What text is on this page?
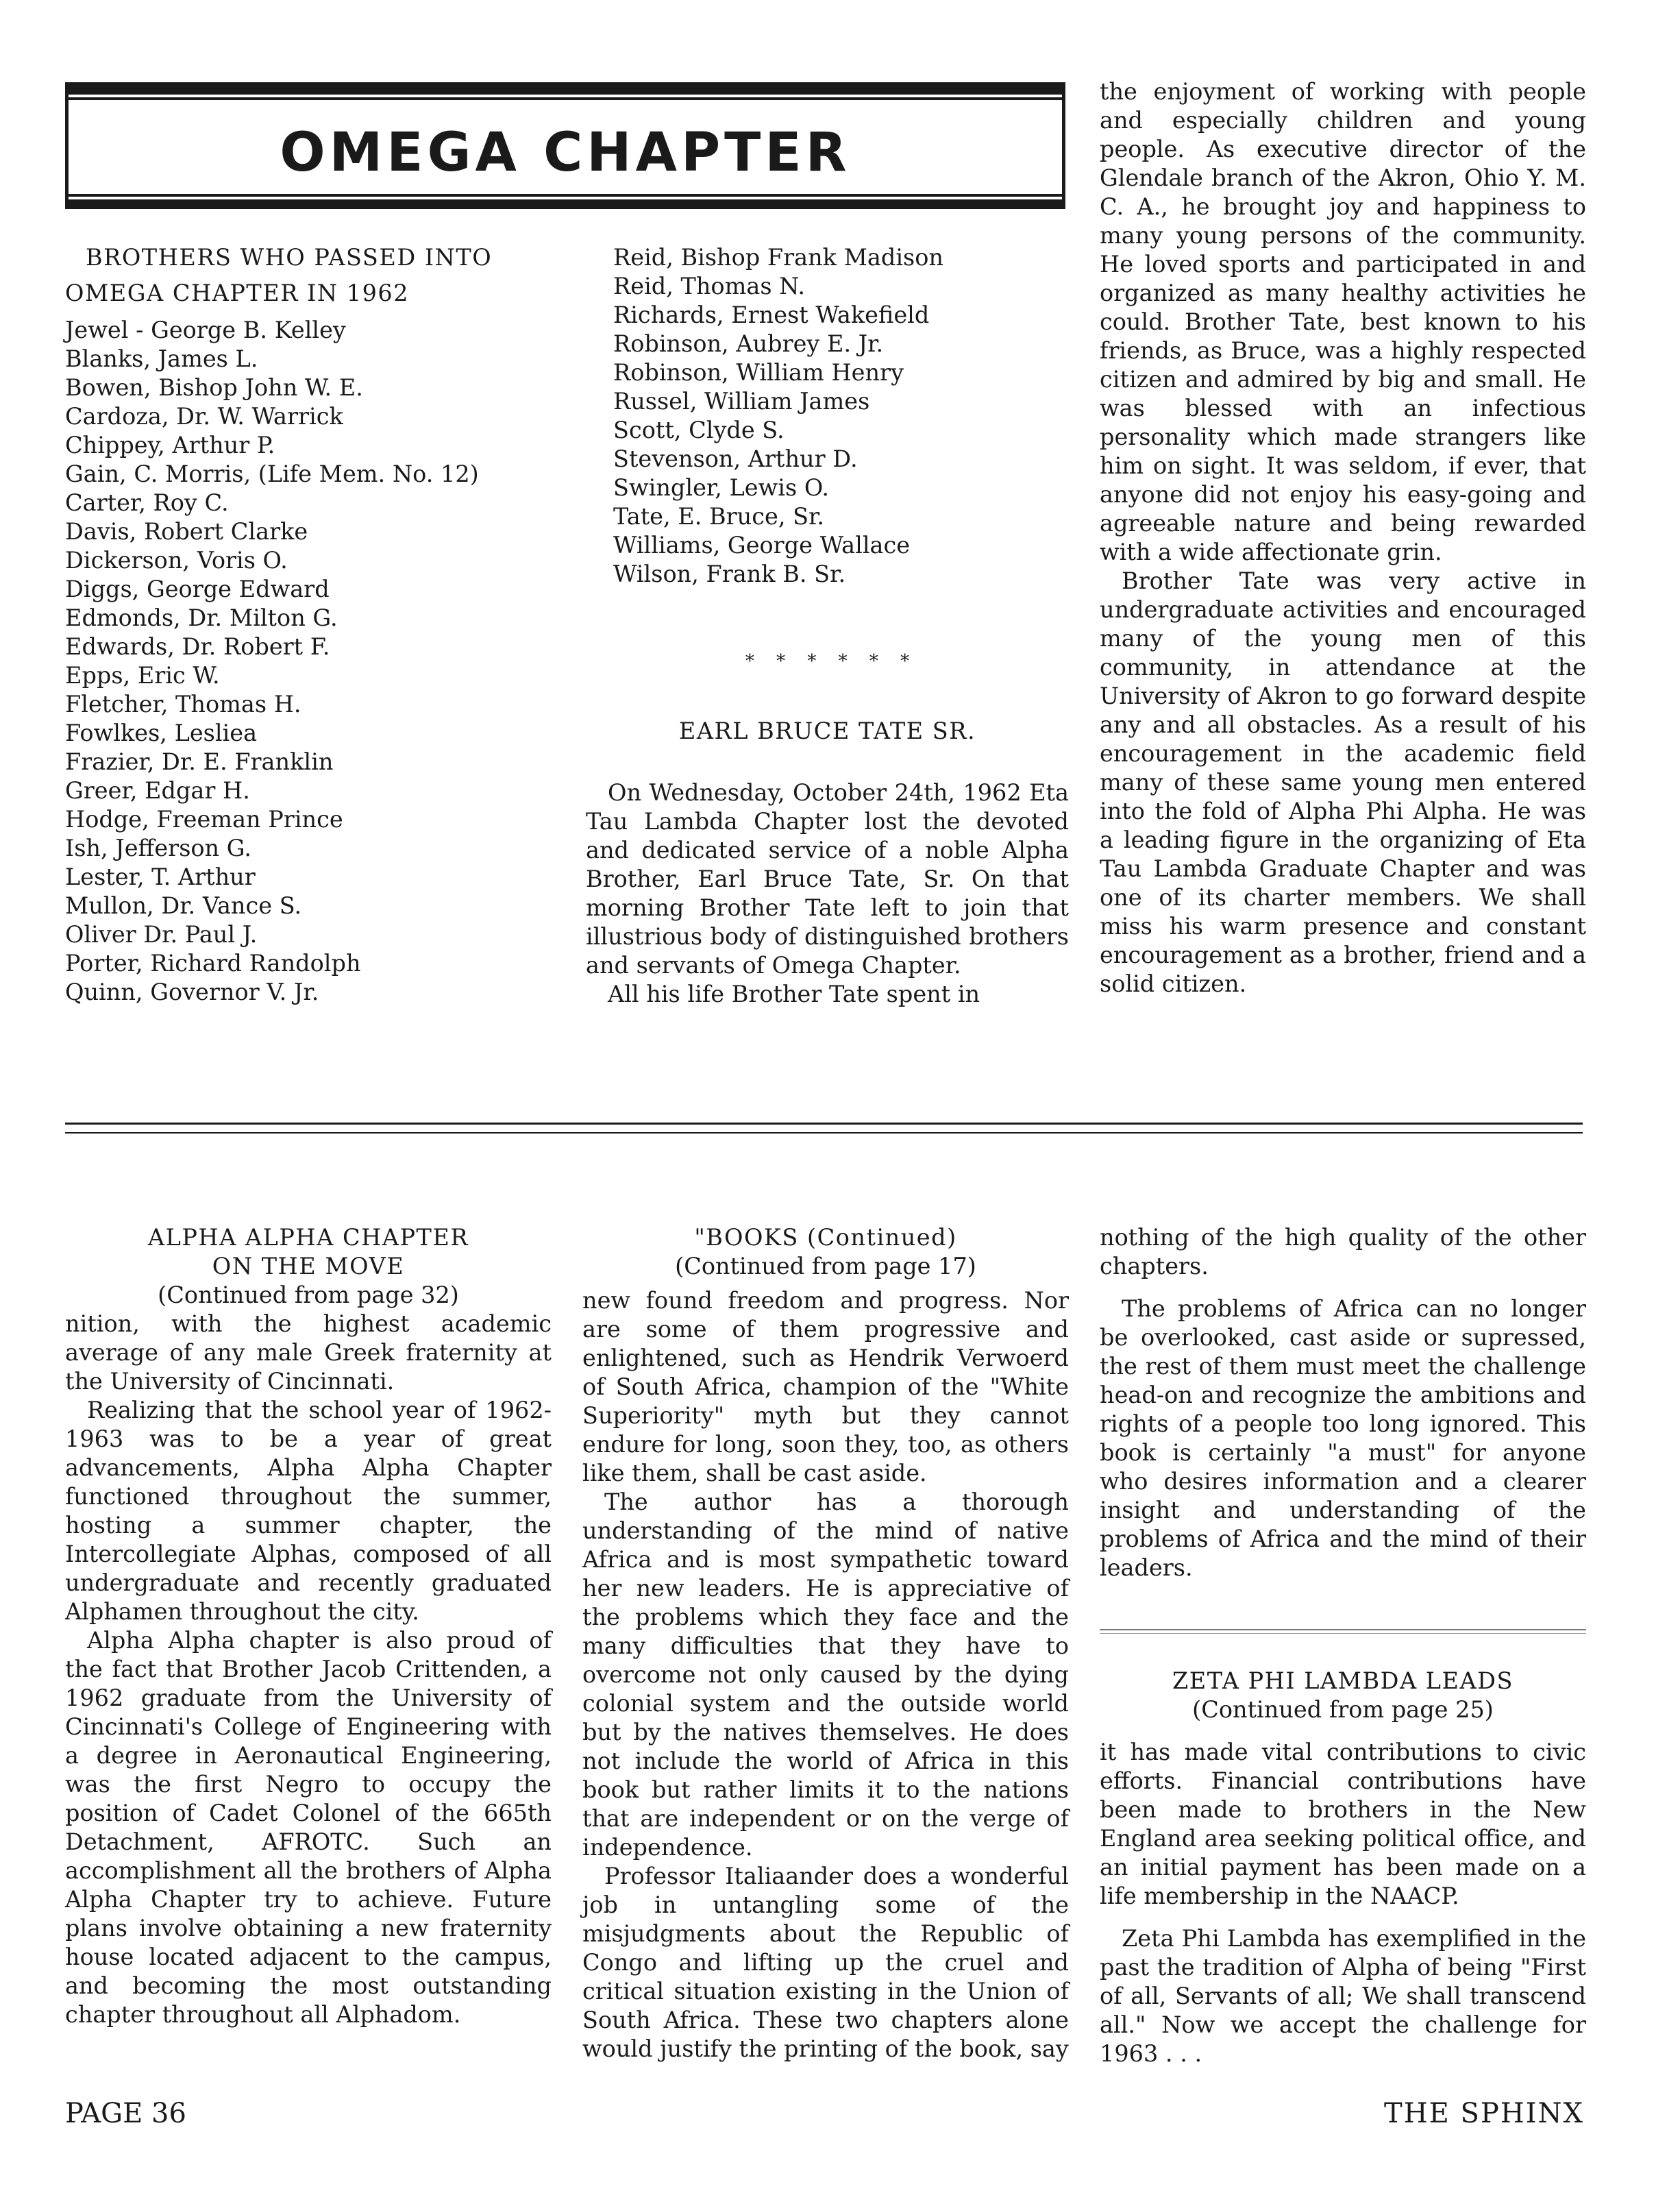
OMEGA CHAPTER
BROTHERS WHO PASSED INTO
OMEGA CHAPTER IN 1962
Jewel - George B. Kelley
Blanks, James L.
Bowen, Bishop John W. E.
Cardoza, Dr. W. Warrick
Chippey, Arthur P.
Gain, C. Morris, (Life Mem. No. 12)
Carter, Roy C.
Davis, Robert Clarke
Dickerson, Voris O.
Diggs, George Edward
Edmonds, Dr. Milton G.
Edwards, Dr. Robert F.
Epps, Eric W.
Fletcher, Thomas H.
Fowlkes, Lesliea
Frazier, Dr. E. Franklin
Greer, Edgar H.
Hodge, Freeman Prince
Ish, Jefferson G.
Lester, T. Arthur
Mullon, Dr. Vance S.
Oliver Dr. Paul J.
Porter, Richard Randolph
Quinn, Governor V. Jr.
Reid, Bishop Frank Madison
Reid, Thomas N.
Richards, Ernest Wakefield
Robinson, Aubrey E. Jr.
Robinson, William Henry
Russel, William James
Scott, Clyde S.
Stevenson, Arthur D.
Swingler, Lewis O.
Tate, E. Bruce, Sr.
Williams, George Wallace
Wilson, Frank B. Sr.
* * * * * *
EARL BRUCE TATE SR.

On Wednesday, October 24th, 1962 Eta Tau Lambda Chapter lost the devoted and dedicated service of a noble Alpha Brother, Earl Bruce Tate, Sr. On that morning Brother Tate left to join that illustrious body of distinguished brothers and servants of Omega Chapter.

All his life Brother Tate spent in

the enjoyment of working with people and especially children and young people. As executive director of the Glendale branch of the Akron, Ohio Y. M. C. A., he brought joy and happiness to many young persons of the community. He loved sports and participated in and organized as many healthy activities he could. Brother Tate, best known to his friends, as Bruce, was a highly respected citizen and admired by big and small. He was blessed with an infectious personality which made strangers like him on sight. It was seldom, if ever, that anyone did not enjoy his easy-going and agreeable nature and being rewarded with a wide affectionate grin.

Brother Tate was very active in undergraduate activities and encouraged many of the young men of this community, in attendance at the University of Akron to go forward despite any and all obstacles. As a result of his encouragement in the academic field many of these same young men entered into the fold of Alpha Phi Alpha. He was a leading figure in the organizing of Eta Tau Lambda Graduate Chapter and was one of its charter members. We shall miss his warm presence and constant encouragement as a brother, friend and a solid citizen.

ALPHA ALPHA CHAPTER
ON THE MOVE
(Continued from page 32)

nition, with the highest academic average of any male Greek fraternity at the University of Cincinnati.

Realizing that the school year of 1962-1963 was to be a year of great advancements, Alpha Alpha Chapter functioned throughout the summer, hosting a summer chapter, the Intercollegiate Alphas, composed of all undergraduate and recently graduated Alphamen throughout the city.

Alpha Alpha chapter is also proud of the fact that Brother Jacob Crittenden, a 1962 graduate from the University of Cincinnati's College of Engineering with a degree in Aeronautical Engineering, was the first Negro to occupy the position of Cadet Colonel of the 665th Detachment, AFROTC. Such an accomplishment all the brothers of Alpha Alpha Chapter try to achieve. Future plans involve obtaining a new fraternity house located adjacent to the campus, and becoming the most outstanding chapter throughout all Alphadom.

"BOOKS (Continued)
(Continued from page 17)

new found freedom and progress. Nor are some of them progressive and enlightened, such as Hendrik Verwoerd of South Africa, champion of the "White Superiority" myth but they cannot endure for long, soon they, too, as others like them, shall be cast aside.

The author has a thorough understanding of the mind of native Africa and is most sympathetic toward her new leaders. He is appreciative of the problems which they face and the many difficulties that they have to overcome not only caused by the dying colonial system and the outside world but by the natives themselves. He does not include the world of Africa in this book but rather limits it to the nations that are independent or on the verge of independence.

Professor Italiaander does a wonderful job in untangling some of the misjudgments about the Republic of Congo and lifting up the cruel and critical situation existing in the Union of South Africa. These two chapters alone would justify the printing of the book, say

nothing of the high quality of the other chapters.

The problems of Africa can no longer be overlooked, cast aside or supressed, the rest of them must meet the challenge head-on and recognize the ambitions and rights of a people too long ignored. This book is certainly "a must" for anyone who desires information and a clearer insight and understanding of the problems of Africa and the mind of their leaders.

ZETA PHI LAMBDA LEADS
(Continued from page 25)

it has made vital contributions to civic efforts. Financial contributions have been made to brothers in the New England area seeking political office, and an initial payment has been made on a life membership in the NAACP.

Zeta Phi Lambda has exemplified in the past the tradition of Alpha of being "First of all, Servants of all; We shall transcend all." Now we accept the challenge for 1963 . . .

PAGE 36	THE SPHINX
